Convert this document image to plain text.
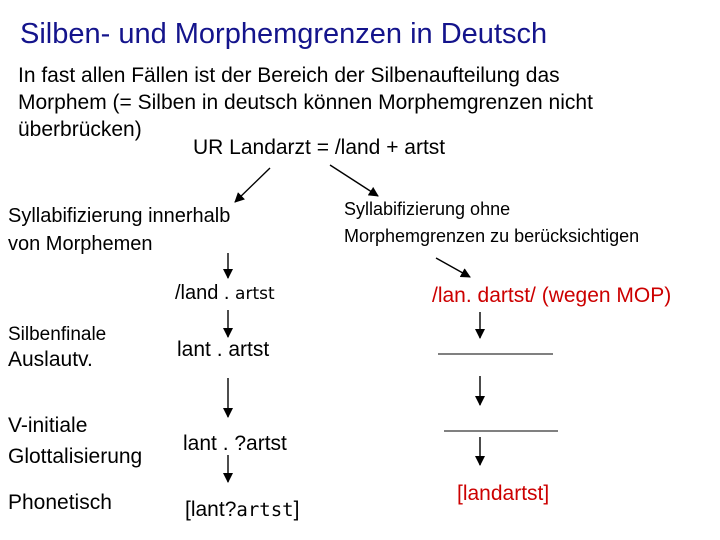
Silben- und Morphemgrenzen in Deutsch
In fast allen Fällen ist der Bereich der Silbenaufteilung das
Morphem (= Silben in deutsch können Morphemgrenzen nicht
überbrücken)
UR Landarzt = /land + artst
Syllabifizierung innerhalb
von Morphemen
Syllabifizierung ohne
Morphemgrenzen zu berücksichtigen
/land . artst	/lan. dartst/ (wegen MOP)
Silbenfinale
Auslautv.	lant . artst
V-initiale
Glottalisierung
lant . ?artst
Phonetisch	[lant?artst]
[landartst]
